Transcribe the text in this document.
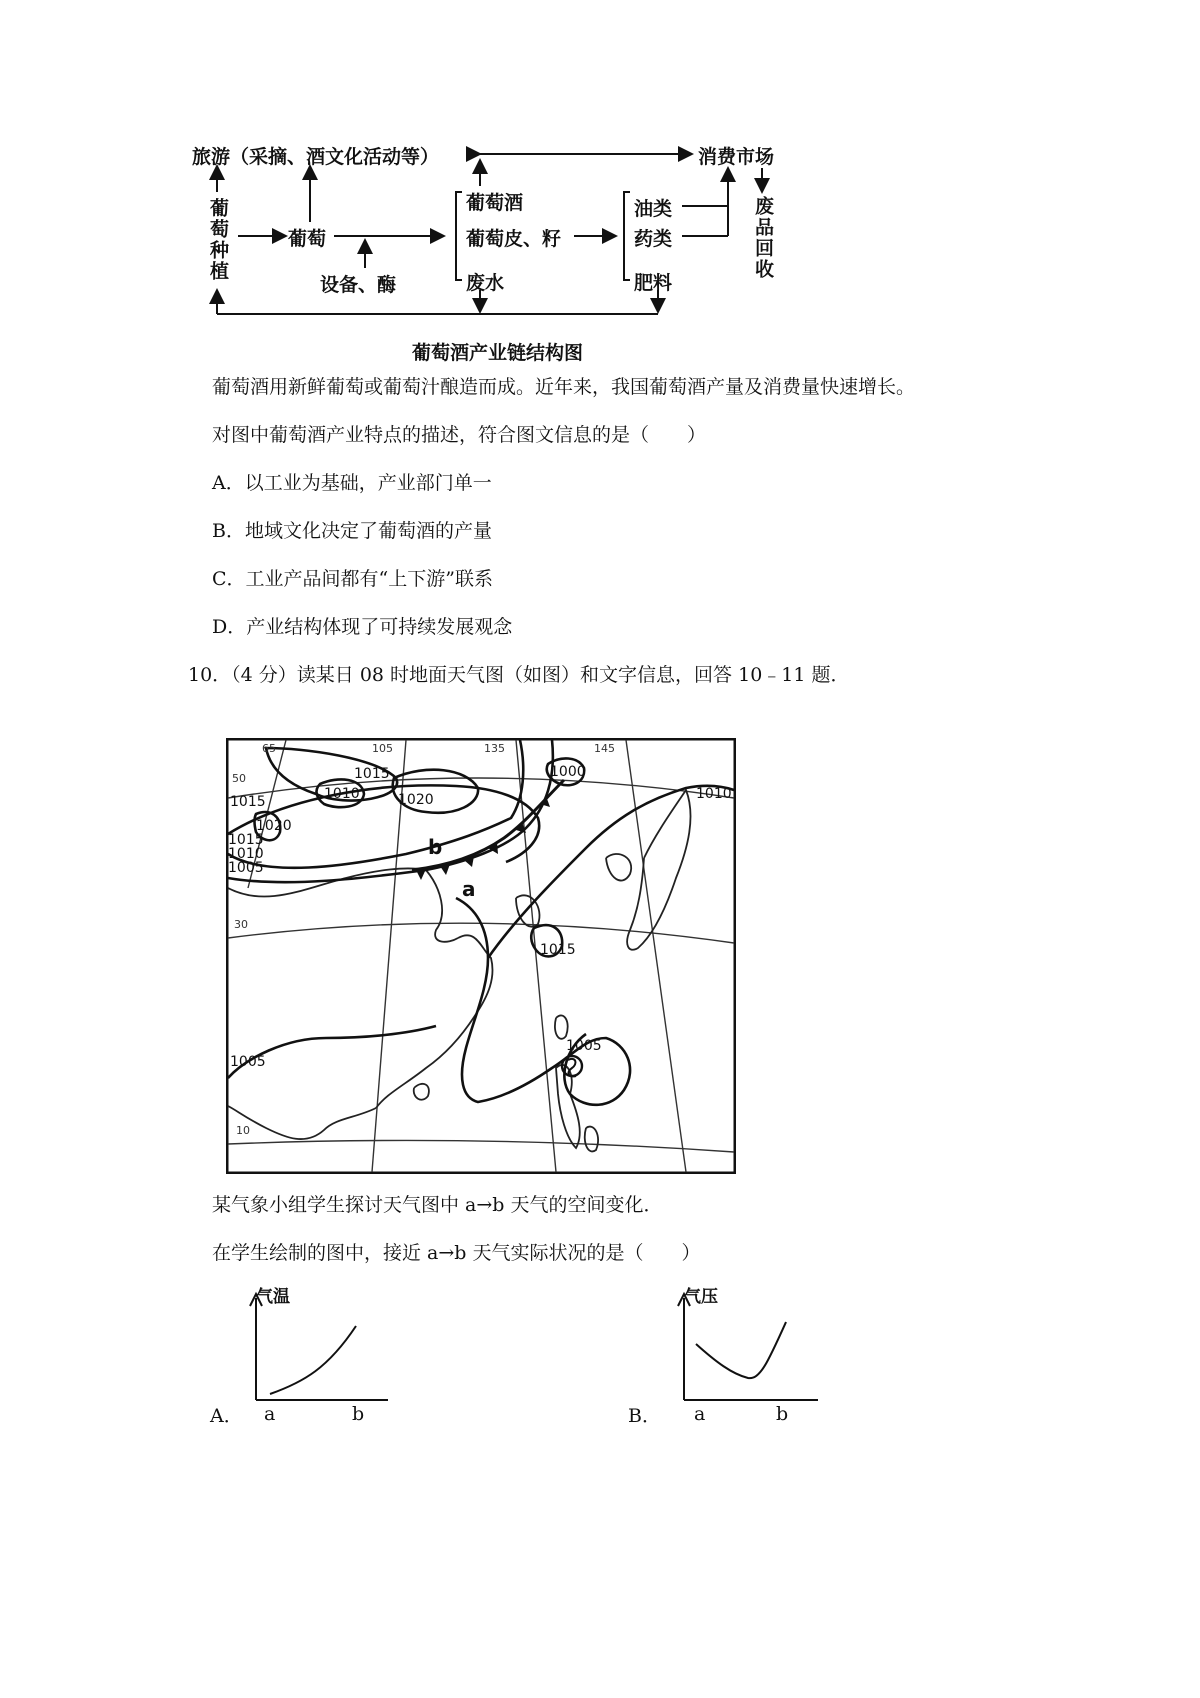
旅游（采摘、酒文化活动等）	消费市场
葡萄种植	葡萄
设备、酶
葡萄酒
葡萄皮、籽
废水
油类
药类
肥料
废品回收
葡萄酒产业链结构图
葡萄酒用新鲜葡萄或葡萄汁酿造而成。近年来，我国葡萄酒产量及消费量快速增长。
对图中葡萄酒产业特点的描述，符合图文信息的是（　　）
A．以工业为基础，产业部门单一
B．地域文化决定了葡萄酒的产量
C．工业产品间都有“上下游”联系
D．产业结构体现了可持续发展观念
10．（4 分）读某日 08 时地面天气图（如图）和文字信息，回答 10﹣11 题．
65	105	135	145
50
30
10
1015
1020
1010
1015
1020
1000
1010
1015
1010
1005
1015
1005
1005
a
b
某气象小组学生探讨天气图中 a→b 天气的空间变化．
在学生绘制的图中，接近 a→b 天气实际状况的是（　　）
气温
A． a	b
气压
B． a	b
